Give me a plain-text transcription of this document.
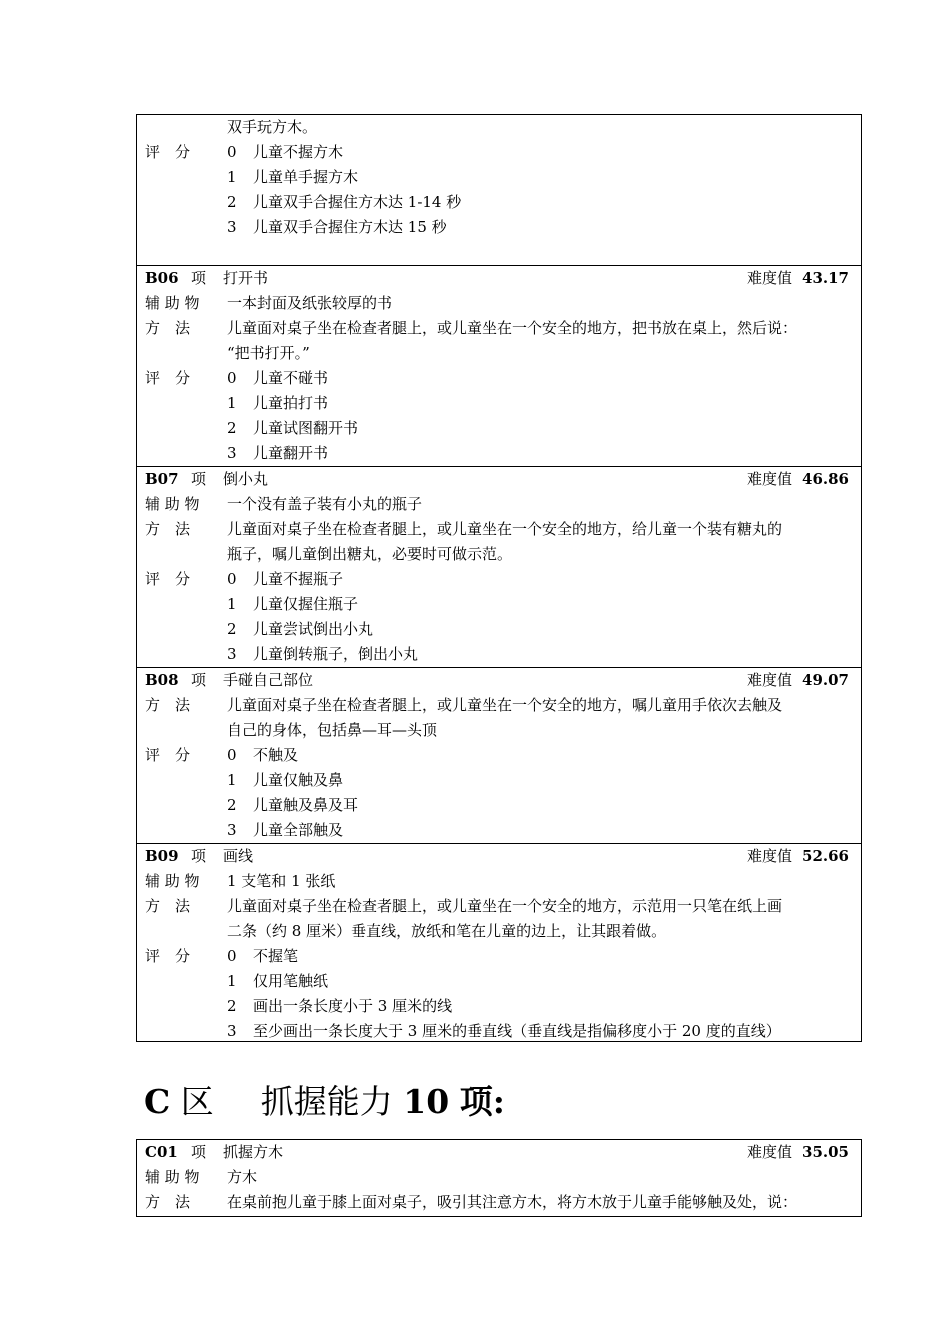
双手玩方木。
评　分 0 儿童不握方木
1 儿童单手握方木
2 儿童双手合握住方木达 1-14 秒
3 儿童双手合握住方木达 15 秒
B06 项 打开书	难度值 43.17
辅 助 物 一本封面及纸张较厚的书
方　法 儿童面对桌子坐在检查者腿上，或儿童坐在一个安全的地方，把书放在桌上，然后说：
“把书打开。”
评　分 0 儿童不碰书
1 儿童拍打书
2 儿童试图翻开书
3 儿童翻开书
B07 项 倒小丸	难度值 46.86
辅 助 物 一个没有盖子装有小丸的瓶子
方　法 儿童面对桌子坐在检查者腿上，或儿童坐在一个安全的地方，给儿童一个装有糖丸的
瓶子，嘱儿童倒出糖丸，必要时可做示范。
评　分 0 儿童不握瓶子
1 儿童仅握住瓶子
2 儿童尝试倒出小丸
3 儿童倒转瓶子，倒出小丸
B08 项 手碰自己部位	难度值 49.07
方　法 儿童面对桌子坐在检查者腿上，或儿童坐在一个安全的地方，嘱儿童用手依次去触及
自己的身体，包括鼻—耳—头顶
评　分 0 不触及
1 儿童仅触及鼻
2 儿童触及鼻及耳
3 儿童全部触及
B09 项 画线	难度值 52.66
辅 助 物 1 支笔和 1 张纸
方　法 儿童面对桌子坐在检查者腿上，或儿童坐在一个安全的地方，示范用一只笔在纸上画
二条（约 8 厘米）垂直线，放纸和笔在儿童的边上，让其跟着做。
评　分 0 不握笔
1 仅用笔触纸
2 画出一条长度小于 3 厘米的线
3 至少画出一条长度大于 3 厘米的垂直线（垂直线是指偏移度小于 20 度的直线）
C 区 抓握能力 10 项:
C01 项 抓握方木	难度值 35.05
辅 助 物 方木
方　法 在桌前抱儿童于膝上面对桌子，吸引其注意方木，将方木放于儿童手能够触及处，说：
